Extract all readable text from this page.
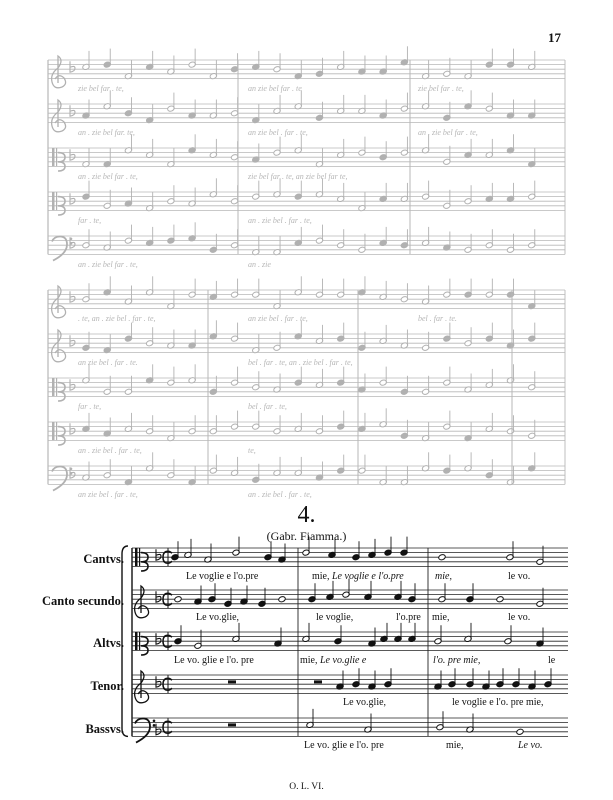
17
zie bel far . te,
an . zie bel far. te,
an . zie bel far . te,
far . te,
an . zie bel far . te,
an zie bel far . te
an zie bel . far . te,
zie bel far . te, an zie bel far te,
an . zie bel . far . te,
an . zie
zie bel far . te,
an . zie bel far . te,
. te, an . zie bel . far . te,
an zie bel . far . te.
far . te,
an . zie bel . far . te,
an zie bel . far . te,
an zie bel . far . te,
bel . far . te, an . zie bel . far . te,
bel . far . te,
te,
an . zie bel . far . te,
bel . far . te.
4.
(Gabr. Fiamma.)
Cantvs.
Canto secundo.
Altvs.
Tenor.
Bassvs.
Le voglie e l'o.pre	mie, Le voglie e l'o.pre	mie,	le vo.
Le vo.glie,	le voglie,	l'o.pre mie,	le vo.
Le vo. glie e l'o. pre	mie, Le vo.glie e	l'o. pre mie,	le
Le vo.glie,	le voglie e l'o. pre mie,
Le vo. glie e l'o. pre	mie,	Le vo.
O. L. VI.
